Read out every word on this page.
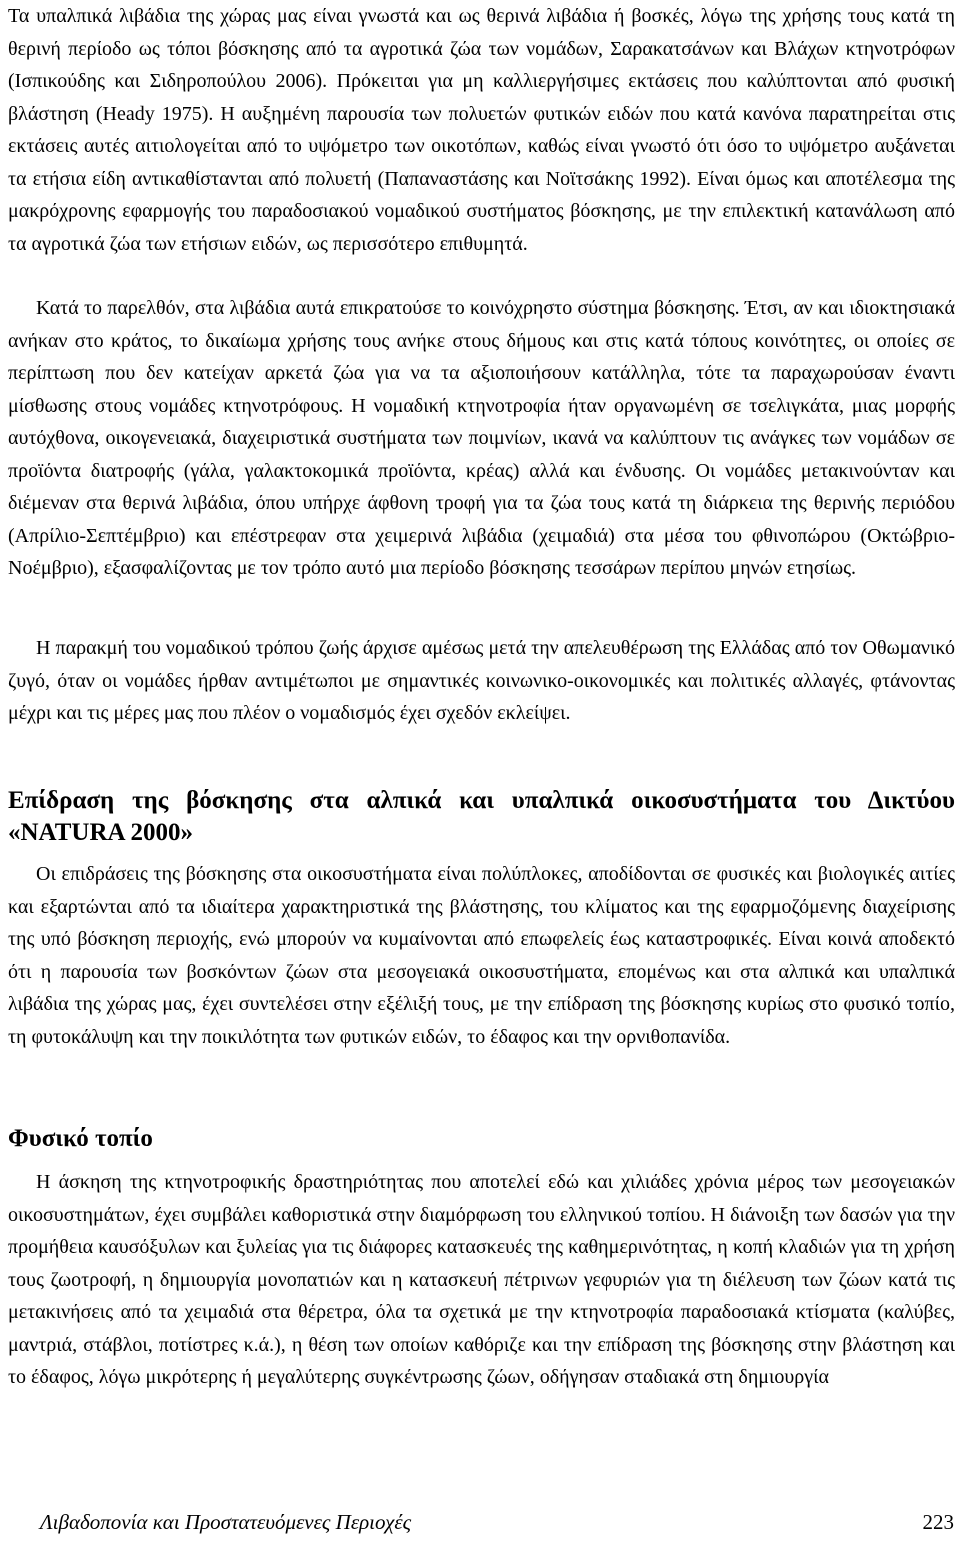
Τα υπαλπικά λιβάδια της χώρας μας είναι γνωστά και ως θερινά λιβάδια ή βοσκές, λόγω της χρήσης τους κατά τη θερινή περίοδο ως τόποι βόσκησης από τα αγροτικά ζώα των νομάδων, Σαρακατσάνων και Βλάχων κτηνοτρόφων (Ισπικούδης και Σιδηροπούλου 2006). Πρόκειται για μη καλλιεργήσιμες εκτάσεις που καλύπτονται από φυσική βλάστηση (Heady 1975). Η αυξημένη παρουσία των πολυετών φυτικών ειδών που κατά κανόνα παρατηρείται στις εκτάσεις αυτές αιτιολογείται από το υψόμετρο των οικοτόπων, καθώς είναι γνωστό ότι όσο το υψόμετρο αυξάνεται τα ετήσια είδη αντικαθίστανται από πολυετή (Παπαναστάσης και Νοϊτσάκης 1992). Είναι όμως και αποτέλεσμα της μακρόχρονης εφαρμογής του παραδοσιακού νομαδικού συστήματος βόσκησης, με την επιλεκτική κατανάλωση από τα αγροτικά ζώα των ετήσιων ειδών, ως περισσότερο επιθυμητά.

Κατά το παρελθόν, στα λιβάδια αυτά επικρατούσε το κοινόχρηστο σύστημα βόσκησης. Έτσι, αν και ιδιοκτησιακά ανήκαν στο κράτος, το δικαίωμα χρήσης τους ανήκε στους δήμους και στις κατά τόπους κοινότητες, οι οποίες σε περίπτωση που δεν κατείχαν αρκετά ζώα για να τα αξιοποιήσουν κατάλληλα, τότε τα παραχωρούσαν έναντι μίσθωσης στους νομάδες κτηνοτρόφους. Η νομαδική κτηνοτροφία ήταν οργανωμένη σε τσελιγκάτα, μιας μορφής αυτόχθονα, οικογενειακά, διαχειριστικά συστήματα των ποιμνίων, ικανά να καλύπτουν τις ανάγκες των νομάδων σε προϊόντα διατροφής (γάλα, γαλακτοκομικά προϊόντα, κρέας) αλλά και ένδυσης. Οι νομάδες μετακινούνταν και διέμεναν στα θερινά λιβάδια, όπου υπήρχε άφθονη τροφή για τα ζώα τους κατά τη διάρκεια της θερινής περιόδου (Απρίλιο-Σεπτέμβριο) και επέστρεφαν στα χειμερινά λιβάδια (χειμαδιά) στα μέσα του φθινοπώρου (Οκτώβριο-Νοέμβριο), εξασφαλίζοντας με τον τρόπο αυτό μια περίοδο βόσκησης τεσσάρων περίπου μηνών ετησίως.

Η παρακμή του νομαδικού τρόπου ζωής άρχισε αμέσως μετά την απελευθέρωση της Ελλάδας από τον Οθωμανικό ζυγό, όταν οι νομάδες ήρθαν αντιμέτωποι με σημαντικές κοινωνικο-οικονομικές και πολιτικές αλλαγές, φτάνοντας μέχρι και τις μέρες μας που πλέον ο νομαδισμός έχει σχεδόν εκλείψει.

Επίδραση της βόσκησης στα αλπικά και υπαλπικά οικοσυστήματα του Δικτύου «NATURA 2000»

Οι επιδράσεις της βόσκησης στα οικοσυστήματα είναι πολύπλοκες, αποδίδονται σε φυσικές και βιολογικές αιτίες και εξαρτώνται από τα ιδιαίτερα χαρακτηριστικά της βλάστησης, του κλίματος και της εφαρμοζόμενης διαχείρισης της υπό βόσκηση περιοχής, ενώ μπορούν να κυμαίνονται από επωφελείς έως καταστροφικές. Είναι κοινά αποδεκτό ότι η παρουσία των βοσκόντων ζώων στα μεσογειακά οικοσυστήματα, επομένως και στα αλπικά και υπαλπικά λιβάδια της χώρας μας, έχει συντελέσει στην εξέλιξή τους, με την επίδραση της βόσκησης κυρίως στο φυσικό τοπίο, τη φυτοκάλυψη και την ποικιλότητα των φυτικών ειδών, το έδαφος και την ορνιθοπανίδα.

Φυσικό τοπίο

Η άσκηση της κτηνοτροφικής δραστηριότητας που αποτελεί εδώ και χιλιάδες χρόνια μέρος των μεσογειακών οικοσυστημάτων, έχει συμβάλει καθοριστικά στην διαμόρφωση του ελληνικού τοπίου. Η διάνοιξη των δασών για την προμήθεια καυσόξυλων και ξυλείας για τις διάφορες κατασκευές της καθημερινότητας, η κοπή κλαδιών για τη χρήση τους ζωοτροφή, η δημιουργία μονοπατιών και η κατασκευή πέτρινων γεφυριών για τη διέλευση των ζώων κατά τις μετακινήσεις από τα χειμαδιά στα θέρετρα, όλα τα σχετικά με την κτηνοτροφία παραδοσιακά κτίσματα (καλύβες, μαντριά, στάβλοι, ποτίστρες κ.ά.), η θέση των οποίων καθόριζε και την επίδραση της βόσκησης στην βλάστηση και το έδαφος, λόγω μικρότερης ή μεγαλύτερης συγκέντρωσης ζώων, οδήγησαν σταδιακά στη δημιουργία

Λιβαδοπονία και Προστατευόμενες Περιοχές	223
